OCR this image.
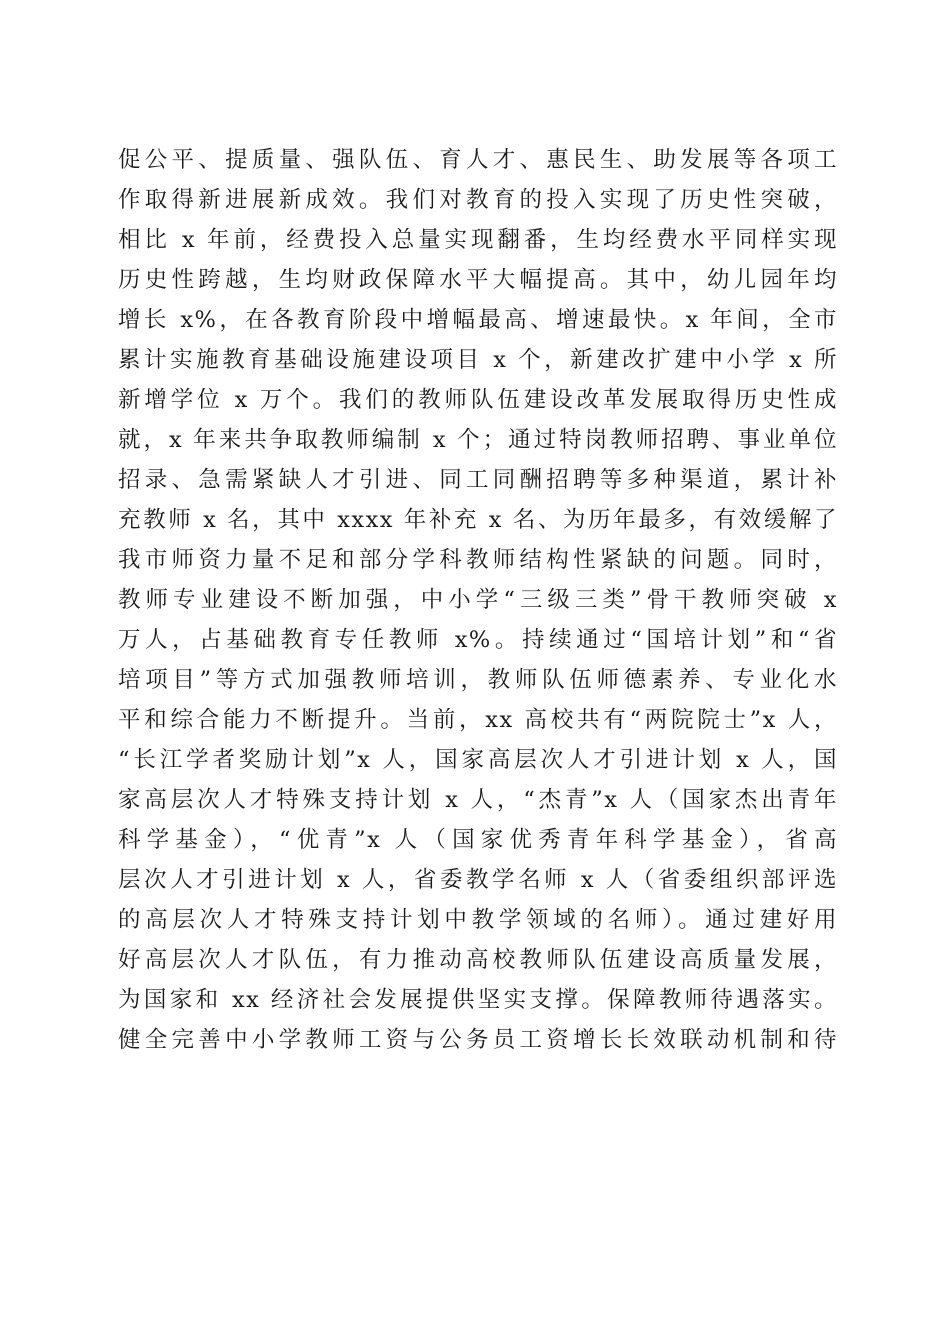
促公平、提质量、强队伍、育人才、惠民生、助发展等各项工
作取得新进展新成效。我们对教育的投入实现了历史性突破，
相比 x 年前，经费投入总量实现翻番，生均经费水平同样实现
历史性跨越，生均财政保障水平大幅提高。其中，幼儿园年均
增长 x%，在各教育阶段中增幅最高、增速最快。x 年间，全市
累计实施教育基础设施建设项目 x 个，新建改扩建中小学 x 所
新增学位 x 万个。我们的教师队伍建设改革发展取得历史性成
就，x 年来共争取教师编制 x 个；通过特岗教师招聘、事业单位
招录、急需紧缺人才引进、同工同酬招聘等多种渠道，累计补
充教师 x 名，其中 xxxx 年补充 x 名、为历年最多，有效缓解了
我市师资力量不足和部分学科教师结构性紧缺的问题。同时，
教师专业建设不断加强，中小学“三级三类”骨干教师突破 x
万人，占基础教育专任教师 x%。持续通过“国培计划”和“省
培项目”等方式加强教师培训，教师队伍师德素养、专业化水
平和综合能力不断提升。当前，xx 高校共有“两院院士”x 人，
“长江学者奖励计划”x 人，国家高层次人才引进计划 x 人，国
家高层次人才特殊支持计划 x 人，“杰青”x 人（国家杰出青年
科学基金），“优青”x 人（国家优秀青年科学基金），省高
层次人才引进计划 x 人，省委教学名师 x 人（省委组织部评选
的高层次人才特殊支持计划中教学领域的名师）。通过建好用
好高层次人才队伍，有力推动高校教师队伍建设高质量发展，
为国家和 xx 经济社会发展提供坚实支撑。保障教师待遇落实。
健全完善中小学教师工资与公务员工资增长长效联动机制和待
